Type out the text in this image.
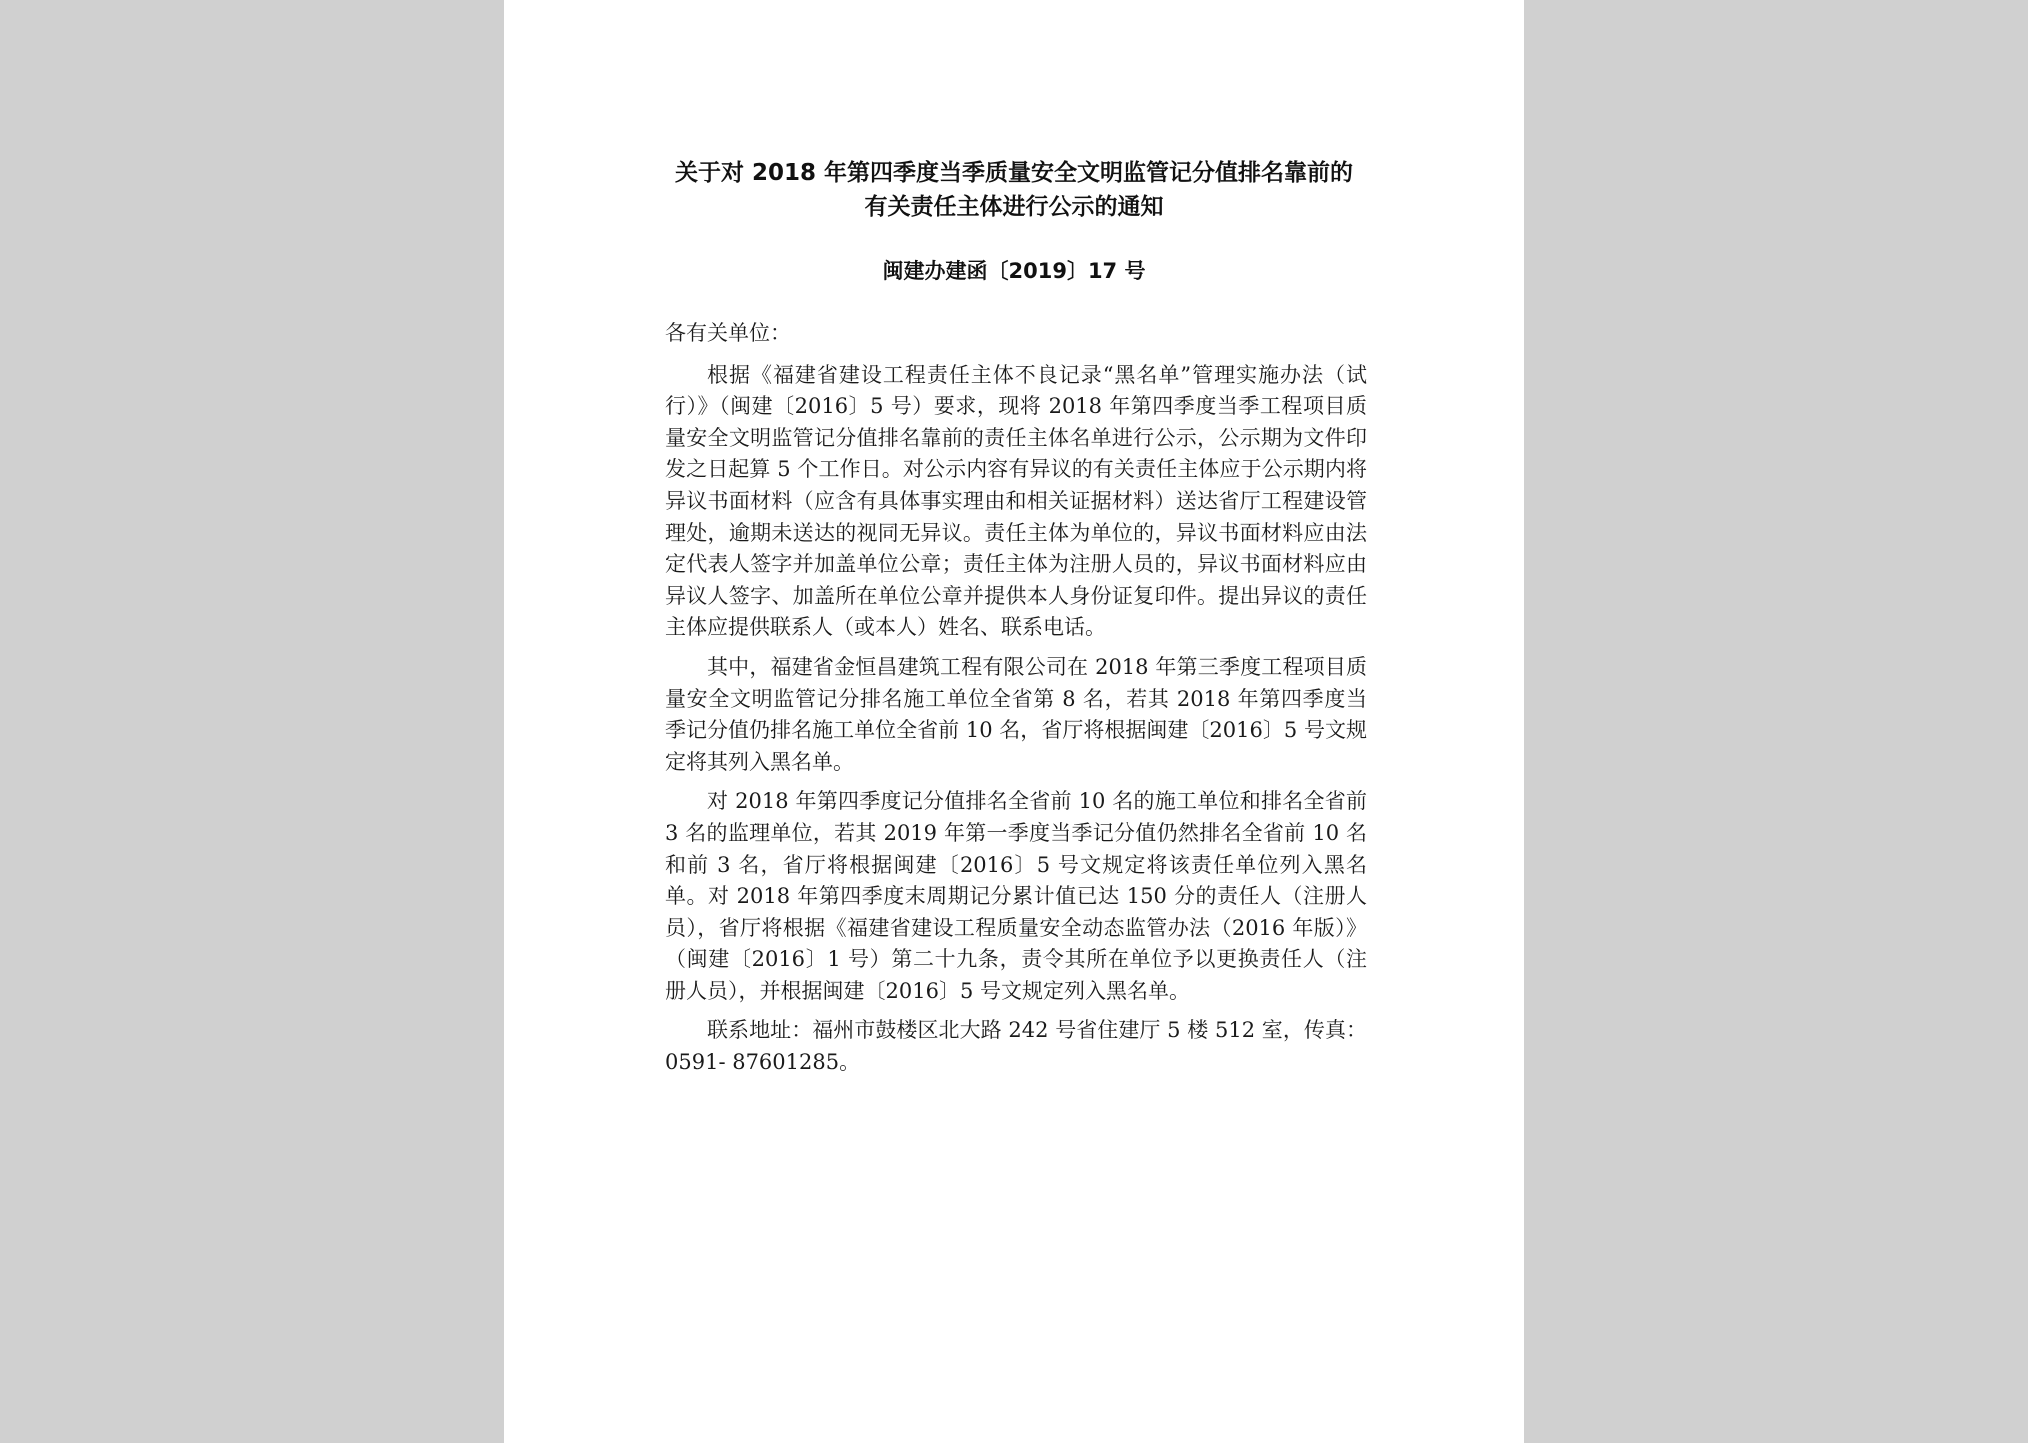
关于对 2018 年第四季度当季质量安全文明监管记分值排名靠前的
有关责任主体进行公示的通知
闽建办建函〔2019〕17 号

各有关单位：

根据《福建省建设工程责任主体不良记录“黑名单”管理实施办法（试行）》（闽建〔2016〕5 号）要求，现将 2018 年第四季度当季工程项目质量安全文明监管记分值排名靠前的责任主体名单进行公示，公示期为文件印发之日起算 5 个工作日。对公示内容有异议的有关责任主体应于公示期内将异议书面材料（应含有具体事实理由和相关证据材料）送达省厅工程建设管理处，逾期未送达的视同无异议。责任主体为单位的，异议书面材料应由法定代表人签字并加盖单位公章；责任主体为注册人员的，异议书面材料应由异议人签字、加盖所在单位公章并提供本人身份证复印件。提出异议的责任主体应提供联系人（或本人）姓名、联系电话。

其中，福建省金恒昌建筑工程有限公司在 2018 年第三季度工程项目质量安全文明监管记分排名施工单位全省第 8 名，若其 2018 年第四季度当季记分值仍排名施工单位全省前 10 名，省厅将根据闽建〔2016〕5 号文规定将其列入黑名单。

对 2018 年第四季度记分值排名全省前 10 名的施工单位和排名全省前 3 名的监理单位，若其 2019 年第一季度当季记分值仍然排名全省前 10 名和前 3 名，省厅将根据闽建〔2016〕5 号文规定将该责任单位列入黑名单。对 2018 年第四季度末周期记分累计值已达 150 分的责任人（注册人员），省厅将根据《福建省建设工程质量安全动态监管办法（2016 年版）》（闽建〔2016〕1 号）第二十九条，责令其所在单位予以更换责任人（注册人员），并根据闽建〔2016〕5 号文规定列入黑名单。

联系地址：福州市鼓楼区北大路 242 号省住建厅 5 楼 512 室，传真：0591- 87601285。
